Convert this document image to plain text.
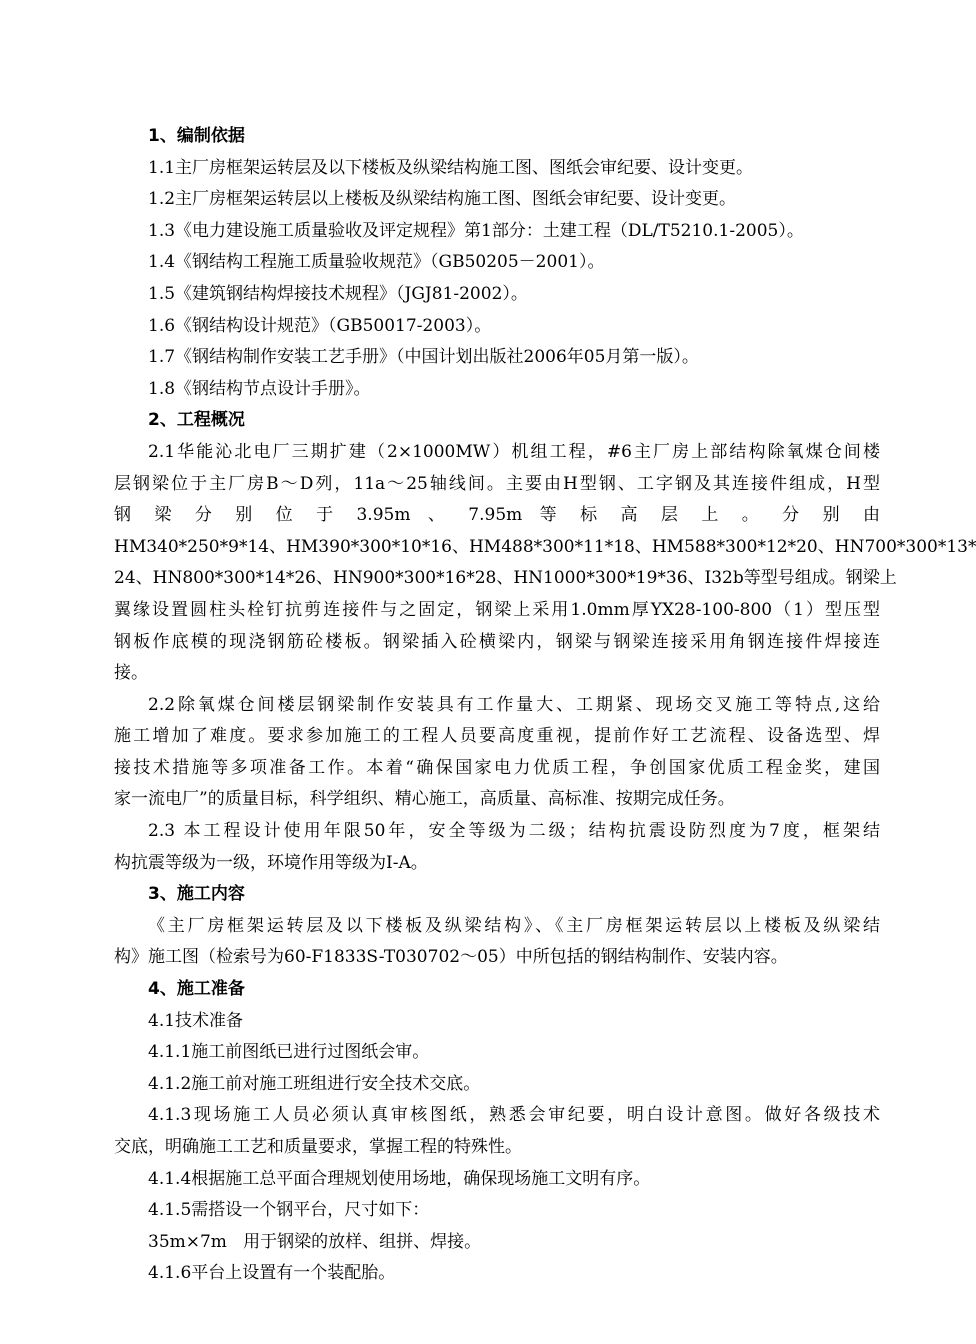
1、编制依据
1.1主厂房框架运转层及以下楼板及纵梁结构施工图、图纸会审纪要、设计变更。
1.2主厂房框架运转层以上楼板及纵梁结构施工图、图纸会审纪要、设计变更。
1.3《电力建设施工质量验收及评定规程》第1部分：土建工程（DL/T5210.1-2005）。
1.4《钢结构工程施工质量验收规范》（GB50205－2001）。
1.5《建筑钢结构焊接技术规程》（JGJ81-2002）。
1.6《钢结构设计规范》（GB50017-2003）。
1.7《钢结构制作安装工艺手册》（中国计划出版社2006年05月第一版）。
1.8《钢结构节点设计手册》。
2、工程概况
2.1华能沁北电厂三期扩建（2×1000MW）机组工程，#6主厂房上部结构除氧煤仓间楼
层钢梁位于主厂房B～D列，11a～25轴线间。主要由H型钢、工字钢及其连接件组成，H型
钢 梁 分 别 位 于 3.95m 、 7.95m 等 标 高 层 上 。 分 别 由
HM340*250*9*14、HM390*300*10*16、HM488*300*11*18、HM588*300*12*20、HN700*300*13*
24、HN800*300*14*26、HN900*300*16*28、HN1000*300*19*36、I32b等型号组成。钢梁上
翼缘设置圆柱头栓钉抗剪连接件与之固定，钢梁上采用1.0mm厚YX28-100-800（1）型压型
钢板作底模的现浇钢筋砼楼板。钢梁插入砼横梁内，钢梁与钢梁连接采用角钢连接件焊接连
接。
2.2除氧煤仓间楼层钢梁制作安装具有工作量大、工期紧、现场交叉施工等特点,这给
施工增加了难度。要求参加施工的工程人员要高度重视，提前作好工艺流程、设备选型、焊
接技术措施等多项准备工作。本着“确保国家电力优质工程，争创国家优质工程金奖，建国
家一流电厂”的质量目标，科学组织、精心施工，高质量、高标准、按期完成任务。
2.3 本工程设计使用年限50年，安全等级为二级；结构抗震设防烈度为7度，框架结
构抗震等级为一级，环境作用等级为I-A。
3、施工内容
《主厂房框架运转层及以下楼板及纵梁结构》、《主厂房框架运转层以上楼板及纵梁结
构》施工图（检索号为60-F1833S-T030702～05）中所包括的钢结构制作、安装内容。
4、施工准备
4.1技术准备
4.1.1施工前图纸已进行过图纸会审。
4.1.2施工前对施工班组进行安全技术交底。
4.1.3现场施工人员必须认真审核图纸，熟悉会审纪要，明白设计意图。做好各级技术
交底，明确施工工艺和质量要求，掌握工程的特殊性。
4.1.4根据施工总平面合理规划使用场地，确保现场施工文明有序。
4.1.5需搭设一个钢平台，尺寸如下：
35m×7m   用于钢梁的放样、组拼、焊接。
4.1.6平台上设置有一个装配胎。
